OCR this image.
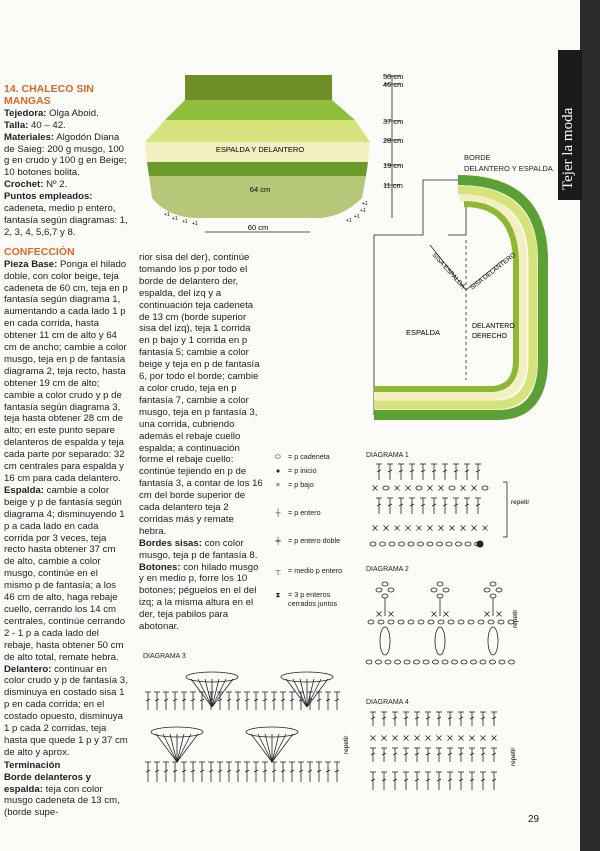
Tejer la moda

14. CHALECO SIN MANGAS

Tejedora: Olga Aboid.

Talla: 40 – 42.

Materiales: Algodón Diana de Saieg: 200 g musgo, 100 g en crudo y 100 g en Beige; 10 botones bolita.

Crochet: Nº 2.

Puntos empleados: cadeneta, medio p entero, fantasía según diagramas: 1, 2, 3, 4, 5,6,7 y 8.

CONFECCIÓN

Pieza Base: Ponga el hilado doble, con color beige, teja cadeneta de 60 cm, teja en p fantasía según diagrama 1, aumentando a cada lado 1 p en cada corrida, hasta obtener 11 cm de alto y 64 cm de ancho; cambie a color musgo, teja en p de fantasía diagrama 2, teja recto, hasta obtener 19 cm de alto; cambie a color crudo y p de fantasía según diagrama 3, teja hasta obtener 28 cm de alto; en este punto separe delanteros de espalda y teja cada parte por separado: 32 cm centrales para espalda y 16 cm para cada delantero.

Espalda: cambie a color beige y p de fantasía según diagrama 4; disminuyendo 1 p a cada lado en cada corrida por 3 veces, teja recto hasta obtener 37 cm de alto, cambie a color musgo, continúe en el mismo p de fantasía; a los 46 cm de alto, haga rebaje cuello, cerrando los 14 cm centrales, continúe cerrando 2 - 1 p a cada lado del rebaje, hasta obtener 50 cm de alto total, remate hebra.

Delantero: continuar en color crudo y p de fantasía 3, disminuya en costado sisa 1 p en cada corrida; en el costado opuesto, disminuya 1 p cada 2 corridas, teja hasta que quede 1 p y 37 cm de alto y aprox.

Terminación

Borde delanteros y espalda: teja con color musgo cadeneta de 13 cm, (borde supe-

rior sisa del der), continúe tomando los p por todo el borde de delantero der, espalda, del izq y a continuación teja cadeneta de 13 cm (borde superior sisa del izq), teja 1 corrida en p bajo y 1 corrida en p fantasía 5; cambie a color beige y teja en p de fantasía 6, por todo el borde; cambie a color crudo, teja en p fantasía 7, cambie a color musgo, teja en p fantasía 3, una corrida, cubriendo además el rebaje cuello espalda; a continuación forme el rebaje cuello: continúe tejiendo en p de fantasía 3, a contar de los 16 cm del borde superior de cada delantero teja 2 corridas más y remate hebra.

Bordes sisas: con color musgo, teja p de fantasía 8.

Botones: con hilado musgo y en medio p, forre los 10 botones; péguelos en el del izq; a la misma altura en el der, teja pabilos para abotonar.

ESPALDA Y DELANTERO
64 cm
60 cm
+1
+1 +1 +1	+1
+1
+1
+1
50 cm
46 cm
37 cm
28 cm
19 cm
11 cm
ESPALDA
DELANTERO
DERECHO
SISA ESPALDA SISA DELANTERO
BORDE
DELANTERO Y ESPALDA
⬭ = p cadeneta
● = p inicio
× = p bajo
┼ = p entero
╪ = p entero doble
┬ = medio p entero
⧗ = 3 p enteros cerrados juntos
DIAGRAMA 1
DIAGRAMA 2
DIAGRAMA 3
DIAGRAMA 4
repetir
repetir
repetir
repetir
29
